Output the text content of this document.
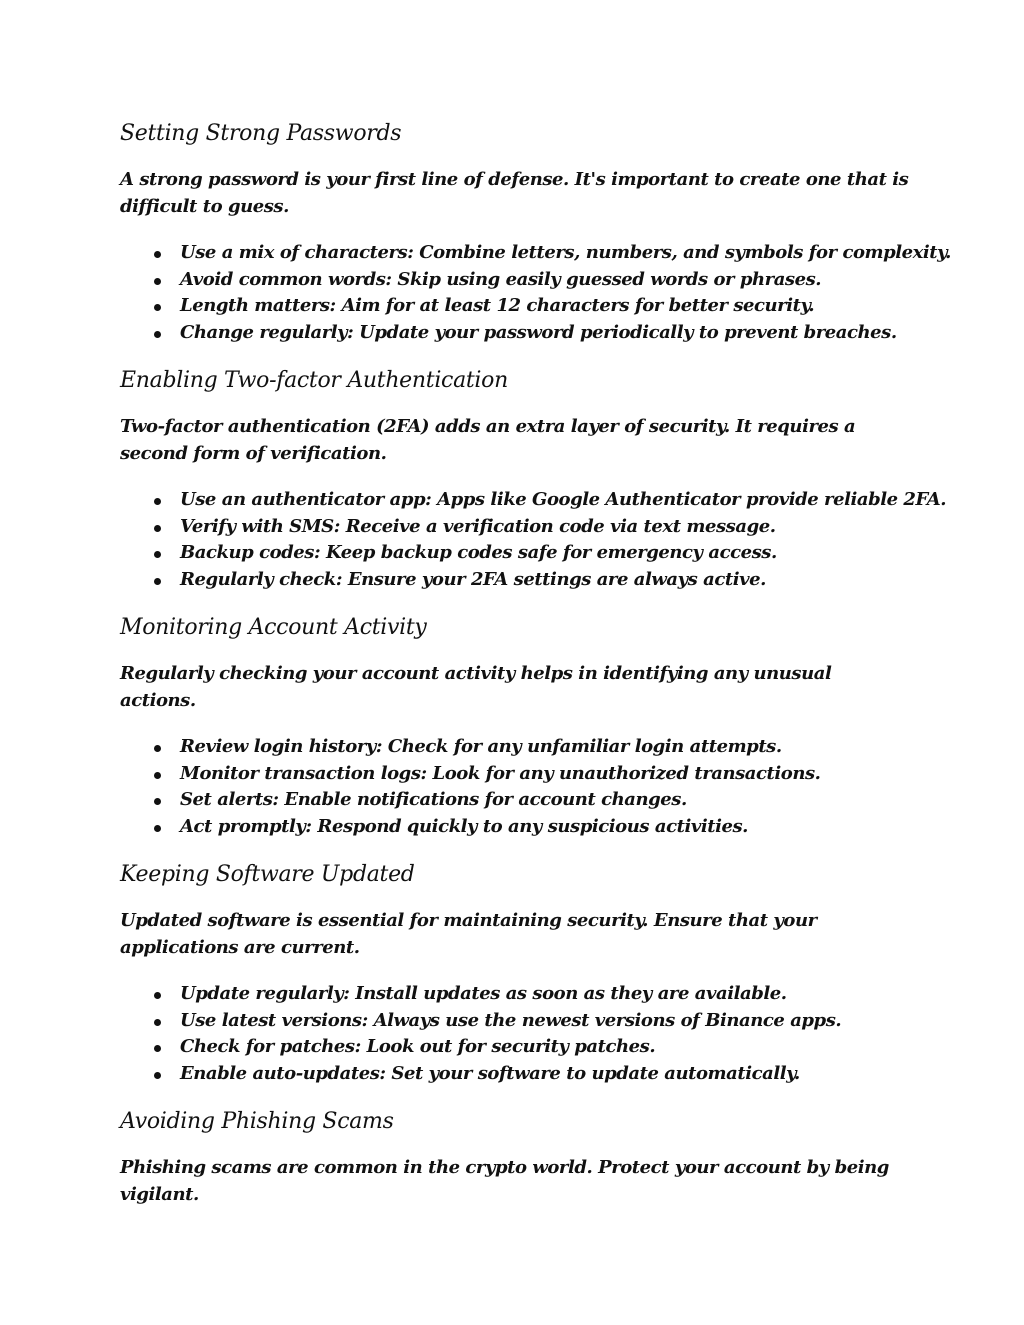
Setting Strong Passwords

A strong password is your first line of defense. It's important to create one that is difficult to guess.

Use a mix of characters: Combine letters, numbers, and symbols for complexity.
Avoid common words: Skip using easily guessed words or phrases.
Length matters: Aim for at least 12 characters for better security.
Change regularly: Update your password periodically to prevent breaches.
Enabling Two-factor Authentication

Two-factor authentication (2FA) adds an extra layer of security. It requires a second form of verification.

Use an authenticator app: Apps like Google Authenticator provide reliable 2FA.
Verify with SMS: Receive a verification code via text message.
Backup codes: Keep backup codes safe for emergency access.
Regularly check: Ensure your 2FA settings are always active.
Monitoring Account Activity

Regularly checking your account activity helps in identifying any unusual actions.

Review login history: Check for any unfamiliar login attempts.
Monitor transaction logs: Look for any unauthorized transactions.
Set alerts: Enable notifications for account changes.
Act promptly: Respond quickly to any suspicious activities.
Keeping Software Updated

Updated software is essential for maintaining security. Ensure that your applications are current.

Update regularly: Install updates as soon as they are available.
Use latest versions: Always use the newest versions of Binance apps.
Check for patches: Look out for security patches.
Enable auto-updates: Set your software to update automatically.
Avoiding Phishing Scams

Phishing scams are common in the crypto world. Protect your account by being vigilant.
